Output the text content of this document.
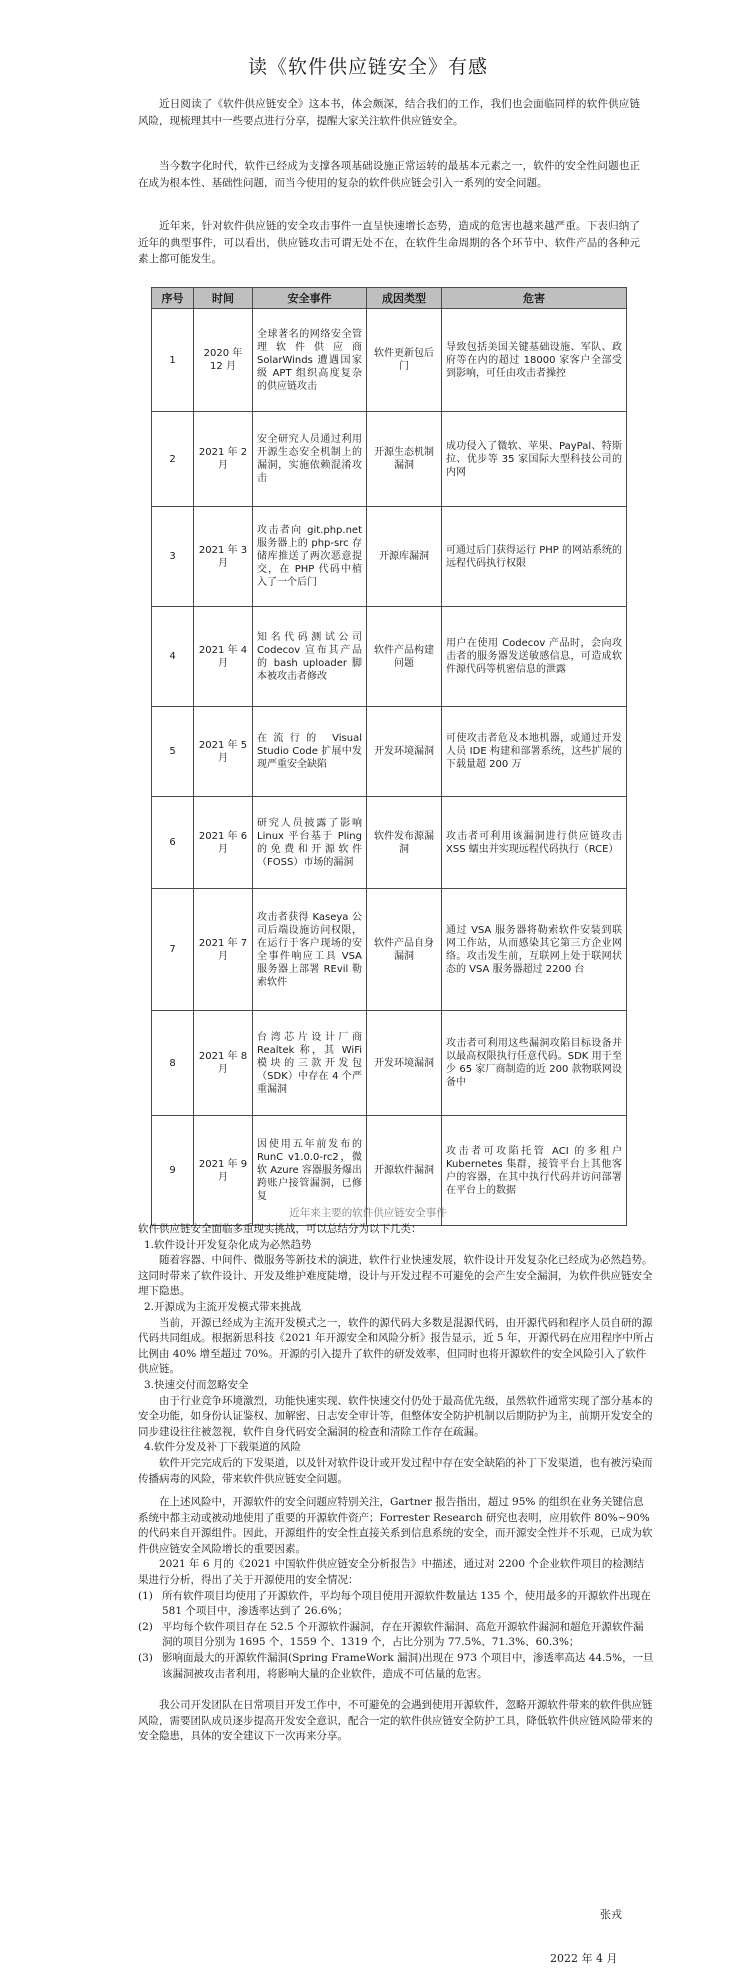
读《软件供应链安全》有感

近日阅读了《软件供应链安全》这本书，体会颇深，结合我们的工作，我们也会面临同样的软件供应链风险，现梳理其中一些要点进行分享，提醒大家关注软件供应链安全。

当今数字化时代，软件已经成为支撑各项基础设施正常运转的最基本元素之一，软件的安全性问题也正在成为根本性、基础性问题，而当今使用的复杂的软件供应链会引入一系列的安全问题。

近年来，针对软件供应链的安全攻击事件一直呈快速增长态势，造成的危害也越来越严重。下表归纳了近年的典型事件，可以看出，供应链攻击可谓无处不在，在软件生命周期的各个环节中、软件产品的各种元素上都可能发生。

序号	时间	安全事件	成因类型	危害
1	2020 年 12 月	全球著名的网络安全管理软件供应商 SolarWinds 遭遇国家级 APT 组织高度复杂的供应链攻击	软件更新包后门	导致包括美国关键基础设施、军队、政府等在内的超过 18000 家客户全部受到影响，可任由攻击者操控
2	2021 年 2 月	安全研究人员通过利用开源生态安全机制上的漏洞，实施依赖混淆攻击	开源生态机制漏洞	成功侵入了微软、苹果、PayPal、特斯拉、优步等 35 家国际大型科技公司的内网
3	2021 年 3 月	攻击者向 git.php.net 服务器上的 php-src 存储库推送了两次恶意提交，在 PHP 代码中植入了一个后门	开源库漏洞	可通过后门获得运行 PHP 的网站系统的远程代码执行权限
4	2021 年 4 月	知名代码测试公司 Codecov 宣布其产品的 bash uploader 脚本被攻击者修改	软件产品构建问题	用户在使用 Codecov 产品时，会向攻击者的服务器发送敏感信息，可造成软件源代码等机密信息的泄露
5	2021 年 5 月	在流行的 Visual Studio Code 扩展中发现严重安全缺陷	开发环境漏洞	可使攻击者危及本地机器，或通过开发人员 IDE 构建和部署系统，这些扩展的下载量超 200 万
6	2021 年 6 月	研究人员披露了影响 Linux 平台基于 Pling 的免费和开源软件（FOSS）市场的漏洞	软件发布源漏洞	攻击者可利用该漏洞进行供应链攻击 XSS 蠕虫并实现远程代码执行（RCE）
7	2021 年 7 月	攻击者获得 Kaseya 公司后端设施访问权限，在运行于客户现场的安全事件响应工具 VSA 服务器上部署 REvil 勒索软件	软件产品自身漏洞	通过 VSA 服务器将勒索软件安装到联网工作站，从而感染其它第三方企业网络。攻击发生前，互联网上处于联网状态的 VSA 服务器超过 2200 台
8	2021 年 8 月	台湾芯片设计厂商 Realtek 称，其 WiFi 模块的三款开发包（SDK）中存在 4 个严重漏洞	开发环境漏洞	攻击者可利用这些漏洞攻陷目标设备并以最高权限执行任意代码。SDK 用于至少 65 家厂商制造的近 200 款物联网设备中
9	2021 年 9 月	因使用五年前发布的 RunC v1.0.0-rc2，微软 Azure 容器服务爆出跨账户接管漏洞，已修复	开源软件漏洞	攻击者可攻陷托管 ACI 的多租户 Kubernetes 集群，接管平台上其他客户的容器，在其中执行代码并访问部署在平台上的数据
近年来主要的软件供应链安全事件

软件供应链安全面临多重现实挑战，可以总结分为以下几类：

1.软件设计开发复杂化成为必然趋势

随着容器、中间件、微服务等新技术的演进，软件行业快速发展，软件设计开发复杂化已经成为必然趋势。这同时带来了软件设计、开发及维护难度陡增，设计与开发过程不可避免的会产生安全漏洞，为软件供应链安全埋下隐患。

2.开源成为主流开发模式带来挑战

当前，开源已经成为主流开发模式之一，软件的源代码大多数是混源代码，由开源代码和程序人员自研的源代码共同组成。根据新思科技《2021 年开源安全和风险分析》报告显示，近 5 年，开源代码在应用程序中所占比例由 40% 增至超过 70%。开源的引入提升了软件的研发效率，但同时也将开源软件的安全风险引入了软件供应链。

3.快速交付而忽略安全

由于行业竞争环境激烈，功能快速实现、软件快速交付仍处于最高优先级，虽然软件通常实现了部分基本的安全功能，如身份认证鉴权、加解密、日志安全审计等，但整体安全防护机制以后期防护为主，前期开发安全的同步建设往往被忽视，软件自身代码安全漏洞的检查和清除工作存在疏漏。

4.软件分发及补丁下载渠道的风险

软件开完完成后的下发渠道，以及针对软件设计或开发过程中存在安全缺陷的补丁下发渠道，也有被污染而传播病毒的风险，带来软件供应链安全问题。

在上述风险中，开源软件的安全问题应特别关注，Gartner 报告指出，超过 95% 的组织在业务关键信息系统中都主动或被动地使用了重要的开源软件资产；Forrester Research 研究也表明，应用软件 80%~90% 的代码来自开源组件。因此，开源组件的安全性直接关系到信息系统的安全，而开源安全性并不乐观，已成为软件供应链安全风险增长的重要因素。

2021 年 6 月的《2021 中国软件供应链安全分析报告》中描述，通过对 2200 个企业软件项目的检测结果进行分析，得出了关于开源使用的安全情况：

(1) 所有软件项目均使用了开源软件，平均每个项目使用开源软件数量达 135 个，使用最多的开源软件出现在 581 个项目中，渗透率达到了 26.6%；
(2) 平均每个软件项目存在 52.5 个开源软件漏洞，存在开源软件漏洞、高危开源软件漏洞和超危开源软件漏洞的项目分别为 1695 个、1559 个、1319 个，占比分别为 77.5%、71.3%、60.3%；
(3) 影响面最大的开源软件漏洞(Spring FrameWork 漏洞)出现在 973 个项目中，渗透率高达 44.5%，一旦该漏洞被攻击者利用，将影响大量的企业软件，造成不可估量的危害。

我公司开发团队在日常项目开发工作中，不可避免的会遇到使用开源软件，忽略开源软件带来的软件供应链风险，需要团队成员逐步提高开发安全意识，配合一定的软件供应链安全防护工具，降低软件供应链风险带来的安全隐患，具体的安全建议下一次再来分享。

张戎
2022 年 4 月
